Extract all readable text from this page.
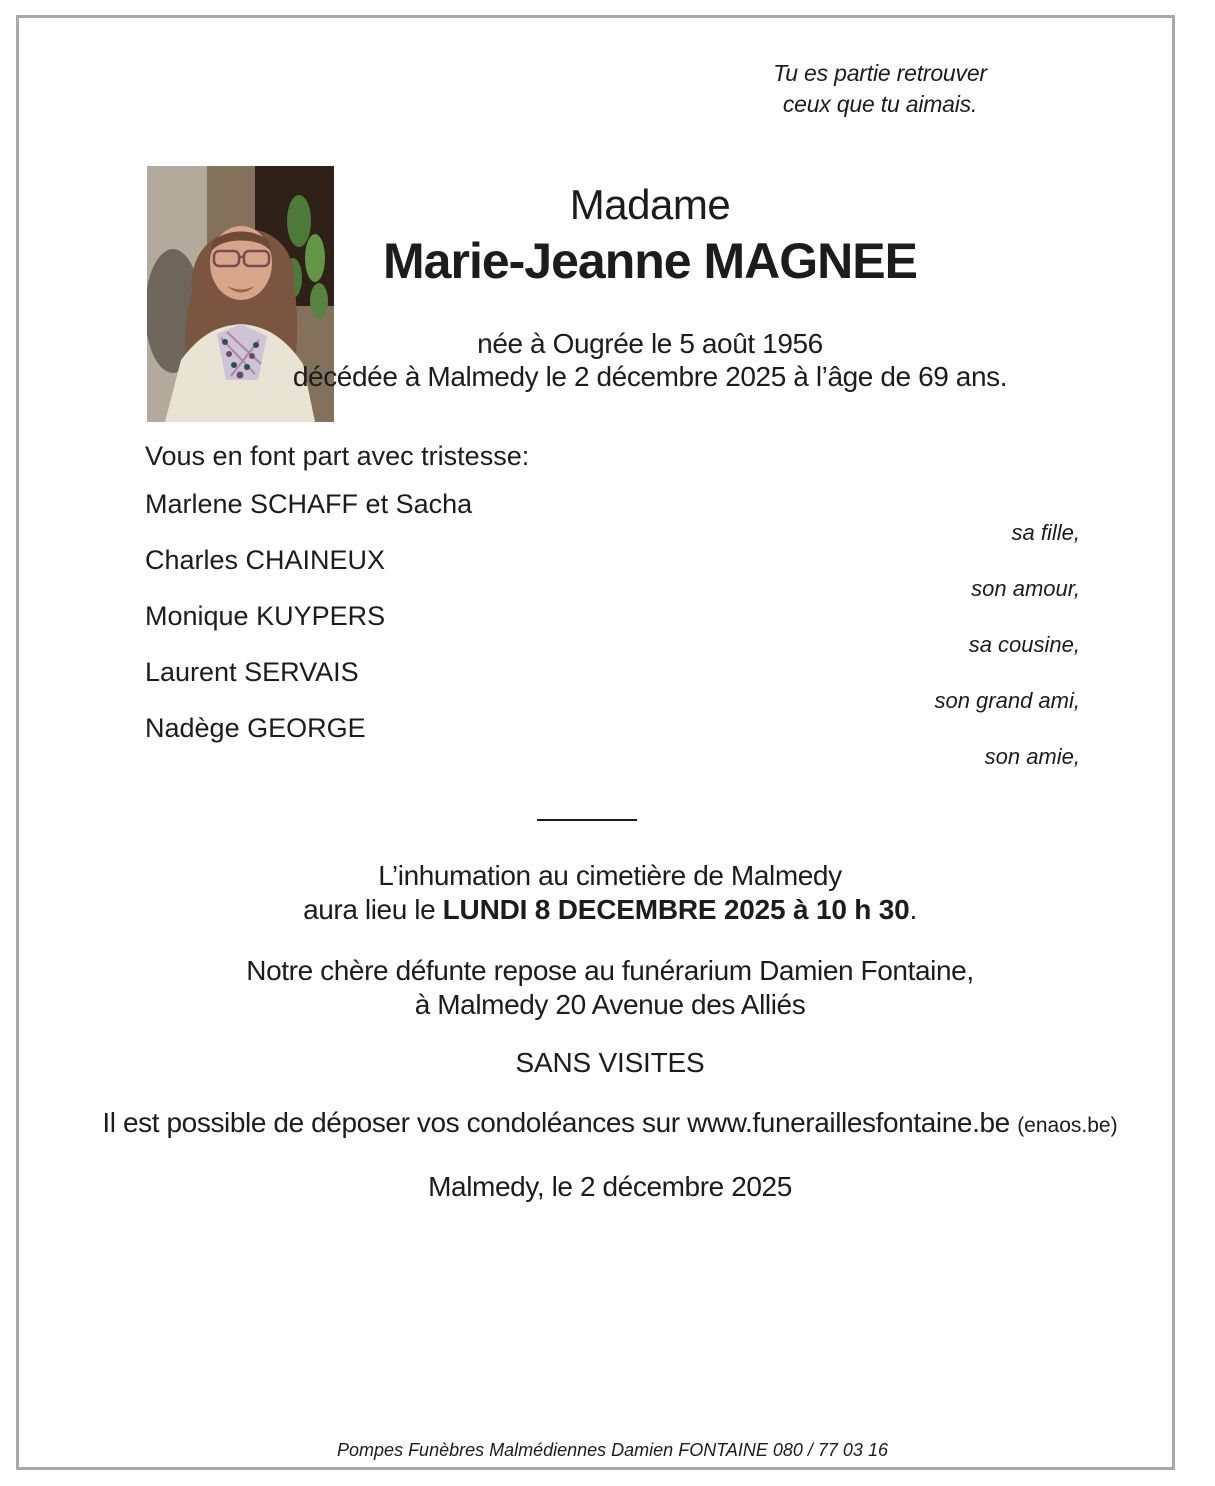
Tu es partie retrouver
ceux que tu aimais.
Madame
Marie-Jeanne MAGNEE
née à Ougrée le 5 août 1956
décédée à Malmedy le 2 décembre 2025 à l’âge de 69 ans.
Vous en font part avec tristesse:
Marlene SCHAFF et Sacha
sa fille,
Charles CHAINEUX
son amour,
Monique KUYPERS
sa cousine,
Laurent SERVAIS
son grand ami,
Nadège GEORGE
son amie,
L’inhumation au cimetière de Malmedy
aura lieu le LUNDI 8 DECEMBRE 2025 à 10 h 30.
Notre chère défunte repose au funérarium Damien Fontaine,
à Malmedy 20 Avenue des Alliés
SANS VISITES
Il est possible de déposer vos condoléances sur www.funeraillesfontaine.be (enaos.be)
Malmedy, le 2 décembre 2025
Pompes Funèbres Malmédiennes Damien FONTAINE 080 / 77 03 16
